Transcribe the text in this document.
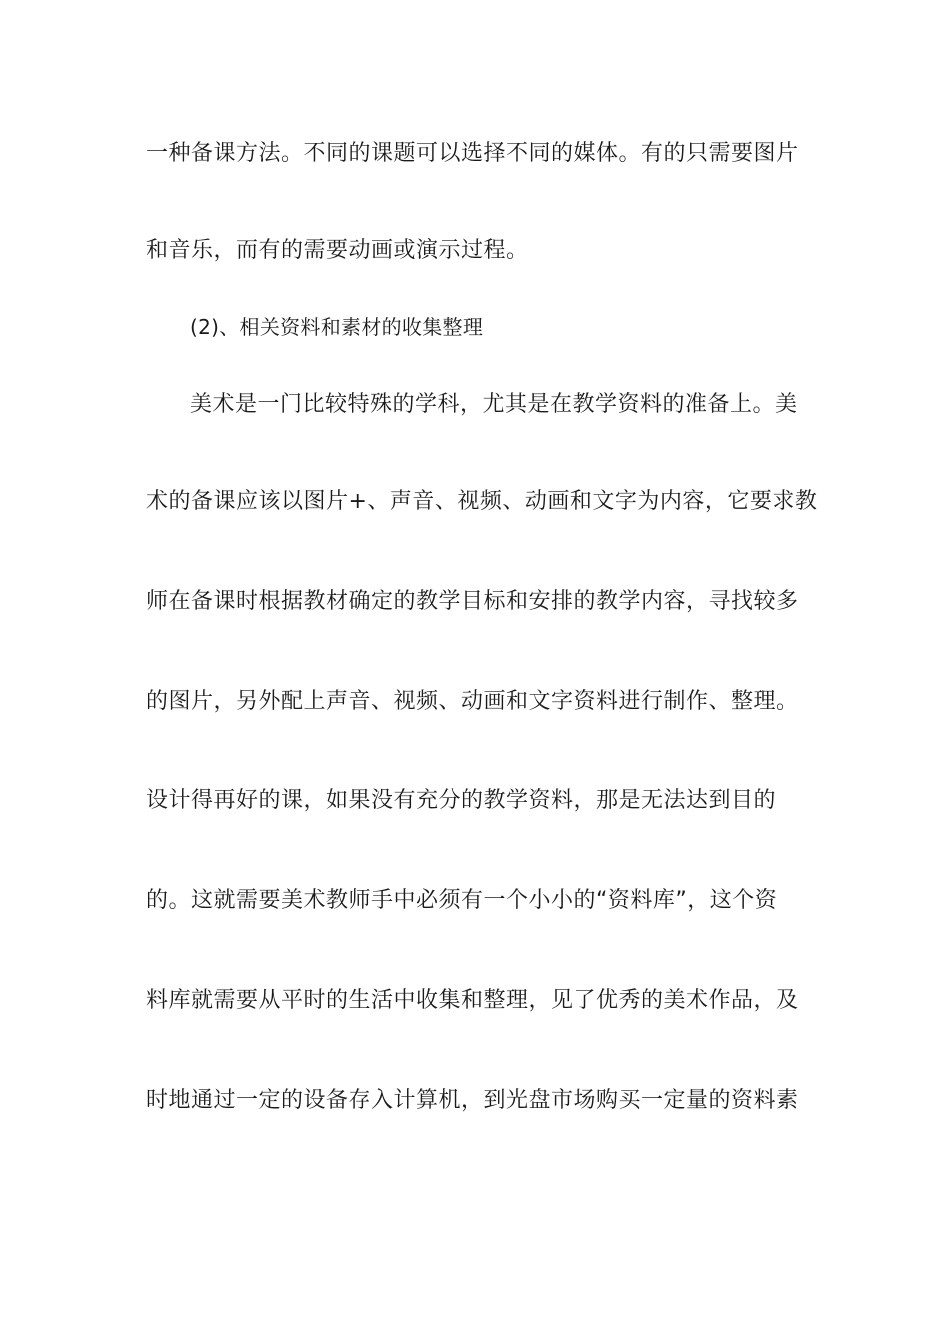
一种备课方法。不同的课题可以选择不同的媒体。有的只需要图片
和音乐，而有的需要动画或演示过程。
(2)、相关资料和素材的收集整理
美术是一门比较特殊的学科，尤其是在教学资料的准备上。美
术的备课应该以图片+、声音、视频、动画和文字为内容，它要求教
师在备课时根据教材确定的教学目标和安排的教学内容，寻找较多
的图片，另外配上声音、视频、动画和文字资料进行制作、整理。
设计得再好的课，如果没有充分的教学资料，那是无法达到目的
的。这就需要美术教师手中必须有一个小小的“资料库”，这个资
料库就需要从平时的生活中收集和整理，见了优秀的美术作品，及
时地通过一定的设备存入计算机，到光盘市场购买一定量的资料素
